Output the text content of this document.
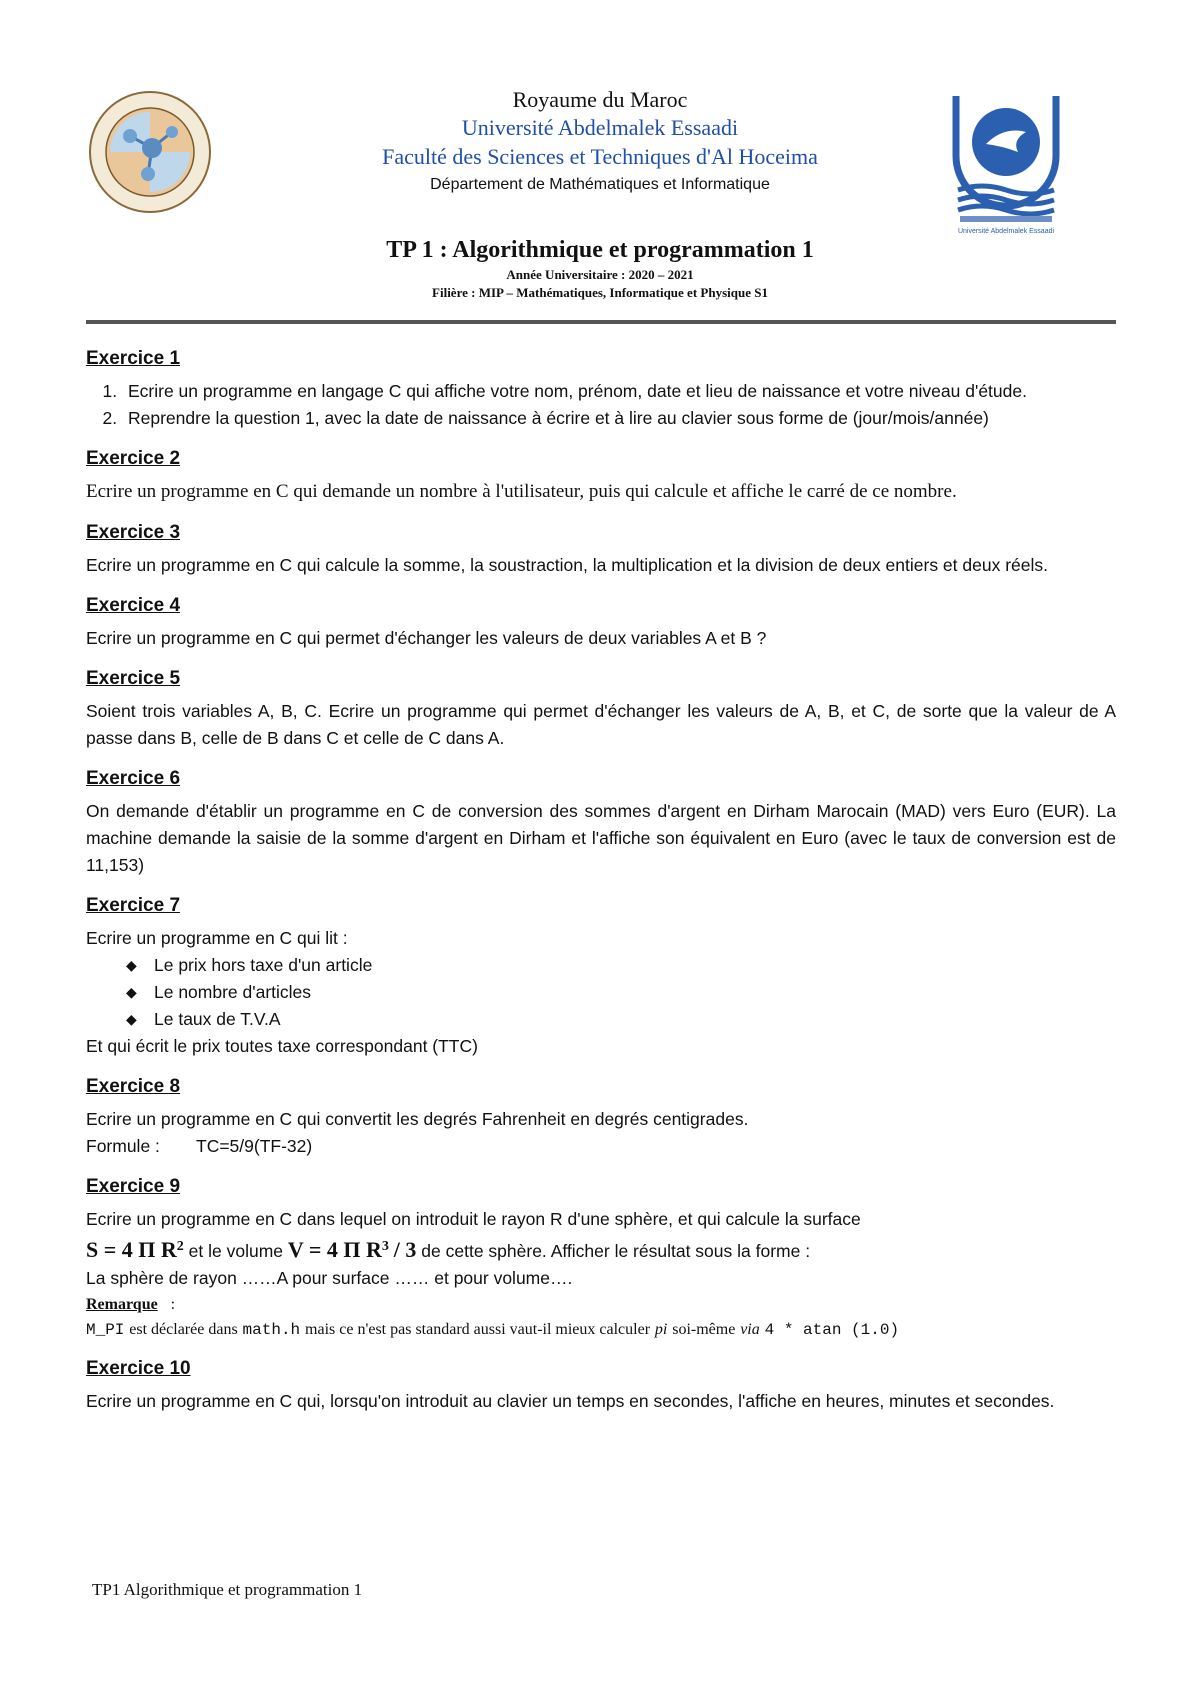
Royaume du Maroc
Université Abdelmalek Essaadi
Faculté des Sciences et Techniques d'Al Hoceima
Département de Mathématiques et Informatique
Université Abdelmalek Essaadi
TP 1 : Algorithmique et programmation 1
Année Universitaire : 2020 – 2021
Filière : MIP – Mathématiques, Informatique et Physique S1

Exercice 1

1. Ecrire un programme en langage C qui affiche votre nom, prénom, date et lieu de naissance et votre niveau d'étude.
2. Reprendre la question 1, avec la date de naissance à écrire et à lire au clavier sous forme de (jour/mois/année)

Exercice 2

Ecrire un programme en C qui demande un nombre à l'utilisateur, puis qui calcule et affiche le carré de ce nombre.

Exercice 3

Ecrire un programme en C qui calcule la somme, la soustraction, la multiplication et la division de deux entiers et deux réels.

Exercice 4

Ecrire un programme en C qui permet d'échanger les valeurs de deux variables A et B ?

Exercice 5

Soient trois variables A, B, C. Ecrire un programme qui permet d'échanger les valeurs de A, B, et C, de sorte que la valeur de A passe dans B, celle de B dans C et celle de C dans A.

Exercice 6

On demande d'établir un programme en C de conversion des sommes d'argent en Dirham Marocain (MAD) vers Euro (EUR). La machine demande la saisie de la somme d'argent en Dirham et l'affiche son équivalent en Euro (avec le taux de conversion est de 11,153)

Exercice 7

Ecrire un programme en C qui lit :

◆ Le prix hors taxe d'un article
◆ Le nombre d'articles
◆ Le taux de T.V.A

Et qui écrit le prix toutes taxe correspondant (TTC)

Exercice 8

Ecrire un programme en C qui convertit les degrés Fahrenheit en degrés centigrades.

Formule : TC=5/9(TF-32)

Exercice 9

Ecrire un programme en C dans lequel on introduit le rayon R d'une sphère, et qui calcule la surface

S = 4 Π $R^2$ et le volume V = 4 Π $R^3 / 3$ de cette sphère. Afficher le résultat sous la forme :

La sphère de rayon ……A pour surface …… et pour volume….

Remarque :

M_PI est déclarée dans math.h mais ce n'est pas standard aussi vaut-il mieux calculer pi soi-même via 4 * atan (1.0)

Exercice 10

Ecrire un programme en C qui, lorsqu'on introduit au clavier un temps en secondes, l'affiche en heures, minutes et secondes.

TP1 Algorithmique et programmation 1
